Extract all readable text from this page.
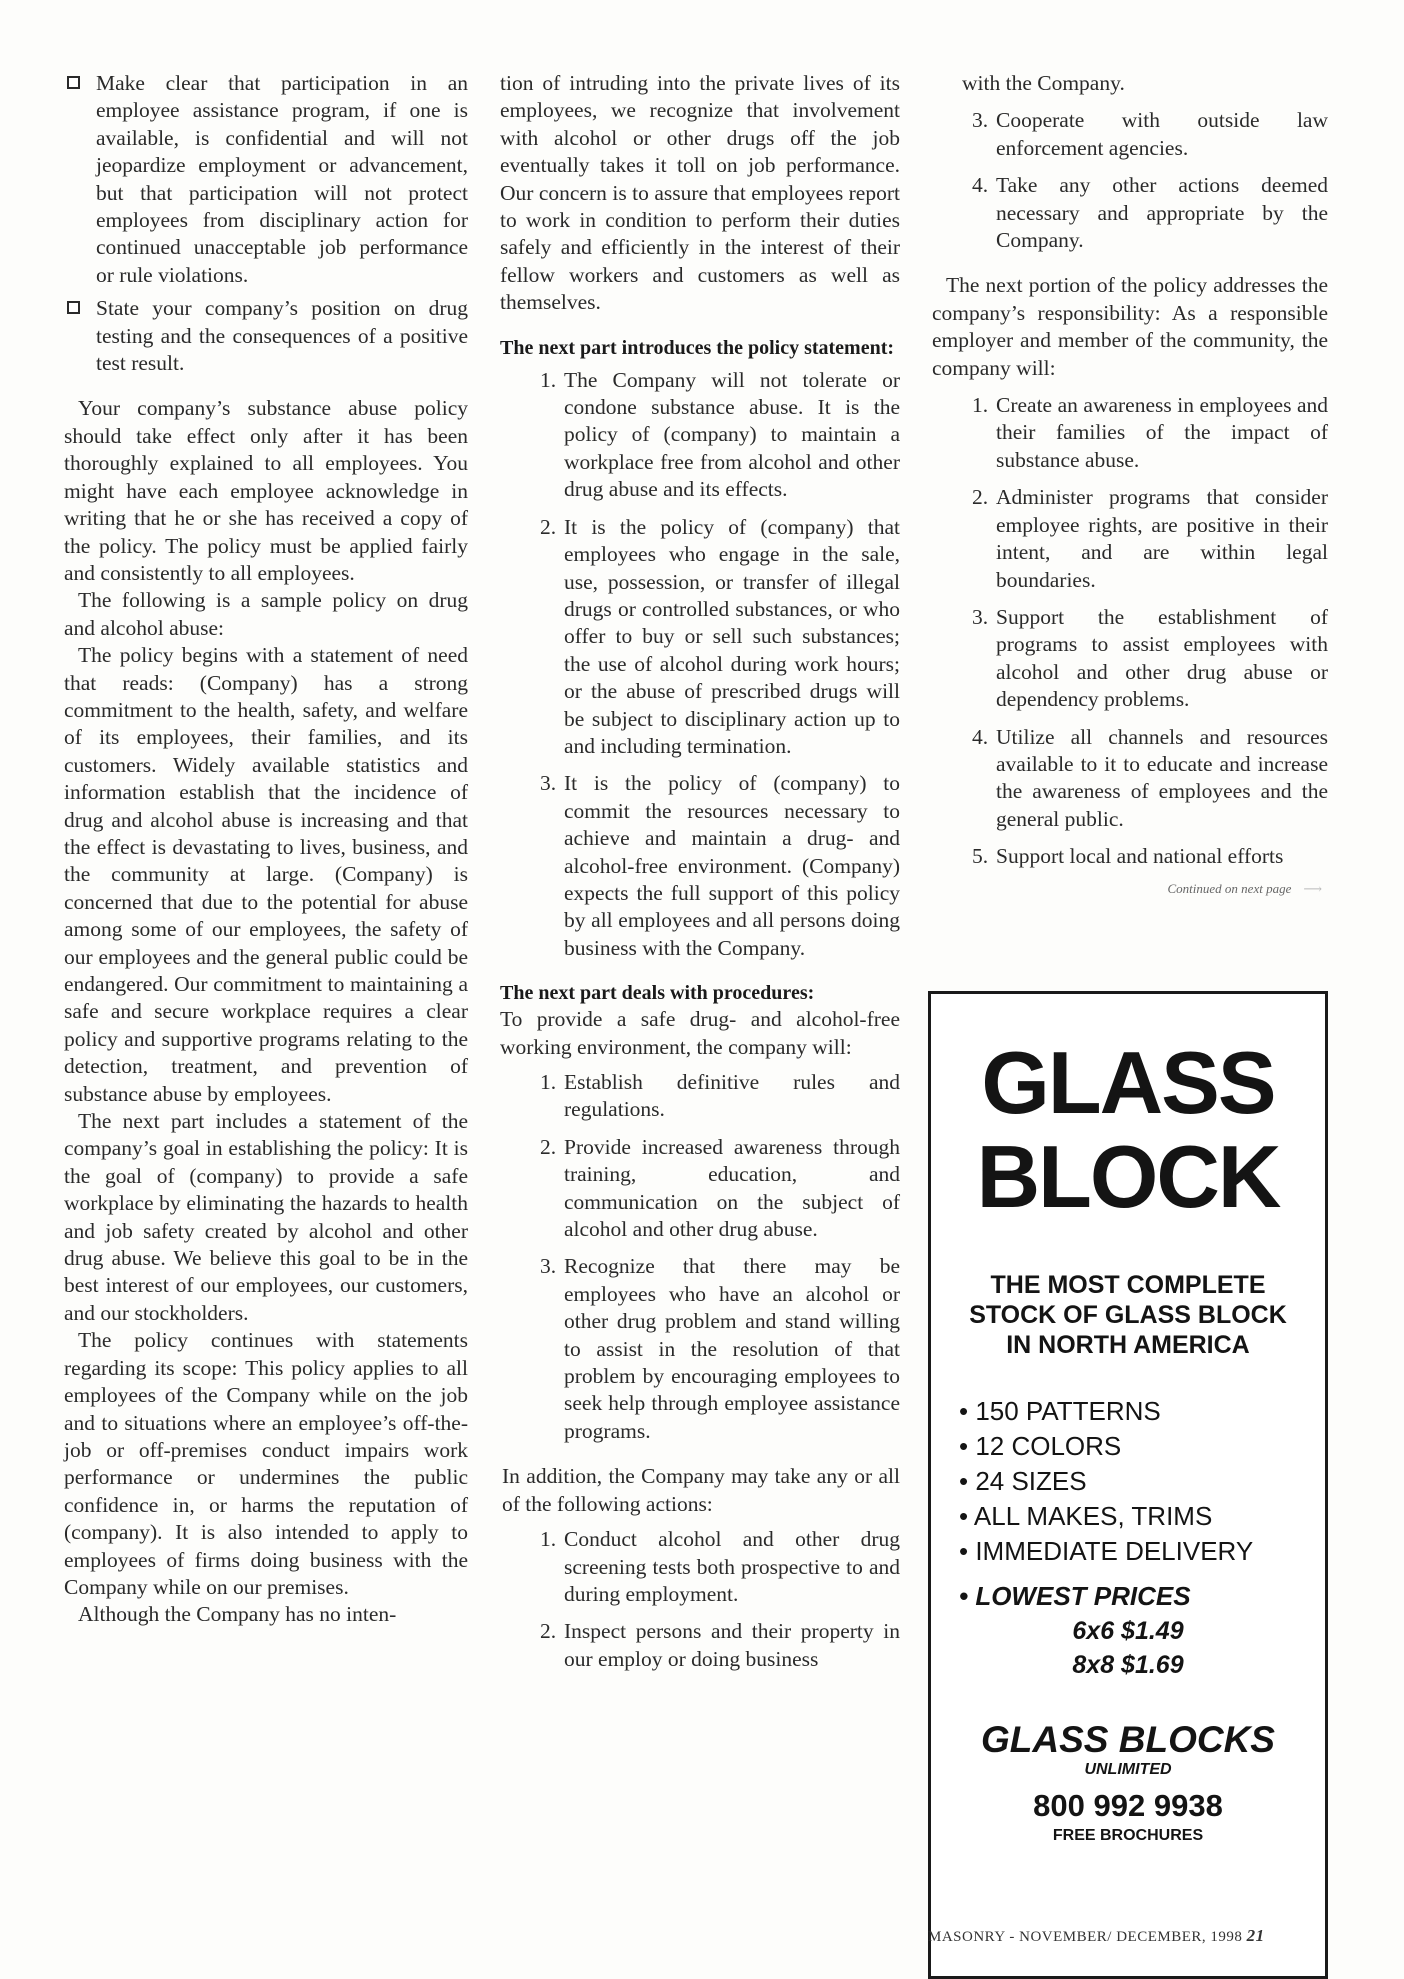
Make clear that participation in an employee assistance program, if one is available, is confidential and will not jeopardize employment or advancement, but that participation will not protect employees from disciplinary action for continued unacceptable job performance or rule violations.
State your company’s position on drug testing and the consequences of a positive test result.

Your company’s substance abuse policy should take effect only after it has been thoroughly explained to all employees. You might have each employee acknowledge in writing that he or she has received a copy of the policy. The policy must be applied fairly and consistently to all employees.

The following is a sample policy on drug and alcohol abuse:

The policy begins with a statement of need that reads: (Company) has a strong commitment to the health, safety, and welfare of its employees, their families, and its customers. Widely available statistics and information establish that the incidence of drug and alcohol abuse is increasing and that the effect is devastating to lives, business, and the community at large. (Company) is concerned that due to the potential for abuse among some of our employees, the safety of our employees and the general public could be endangered. Our commitment to maintaining a safe and secure workplace requires a clear policy and supportive programs relating to the detection, treatment, and prevention of substance abuse by employees.

The next part includes a statement of the company’s goal in establishing the policy: It is the goal of (company) to provide a safe workplace by eliminating the hazards to health and job safety created by alcohol and other drug abuse. We believe this goal to be in the best interest of our employees, our customers, and our stockholders.

The policy continues with statements regarding its scope: This policy applies to all employees of the Company while on the job and to situations where an employee’s off-the-job or off-premises conduct impairs work performance or undermines the public confidence in, or harms the reputation of (company). It is also intended to apply to employees of firms doing business with the Company while on our premises.

Although the Company has no inten-

tion of intruding into the private lives of its employees, we recognize that involvement with alcohol or other drugs off the job eventually takes it toll on job performance. Our concern is to assure that employees report to work in condition to perform their duties safely and efficiently in the interest of their fellow workers and customers as well as themselves.

The next part introduces the policy statement:
1. The Company will not tolerate or condone substance abuse. It is the policy of (company) to maintain a workplace free from alcohol and other drug abuse and its effects.
2. It is the policy of (company) that employees who engage in the sale, use, possession, or transfer of illegal drugs or controlled substances, or who offer to buy or sell such substances; the use of alcohol during work hours; or the abuse of prescribed drugs will be subject to disciplinary action up to and including termination.
3. It is the policy of (company) to commit the resources necessary to achieve and maintain a drug- and alcohol-free environment. (Company) expects the full support of this policy by all employees and all persons doing business with the Company.
The next part deals with procedures:

To provide a safe drug- and alcohol-free working environment, the company will:

1. Establish definitive rules and regulations.
2. Provide increased awareness through training, education, and communication on the subject of alcohol and other drug abuse.
3. Recognize that there may be employees who have an alcohol or other drug problem and stand willing to assist in the resolution of that problem by encouraging employees to seek help through employee assistance programs.

In addition, the Company may take any or all of the following actions:

1. Conduct alcohol and other drug screening tests both prospective to and during employment.
2. Inspect persons and their property in our employ or doing business

with the Company.

3. Cooperate with outside law enforcement agencies.
4. Take any other actions deemed necessary and appropriate by the Company.

The next portion of the policy addresses the company’s responsibility: As a responsible employer and member of the community, the company will:

1. Create an awareness in employees and their families of the impact of substance abuse.
2. Administer programs that consider employee rights, are positive in their intent, and are within legal boundaries.
3. Support the establishment of programs to assist employees with alcohol and other drug abuse or dependency problems.
4. Utilize all channels and resources available to it to educate and increase the awareness of employees and the general public.
5. Support local and national efforts
Continued on next page ⟶
GLASS
BLOCK
THE MOST COMPLETE STOCK OF GLASS BLOCK IN NORTH AMERICA
• 150 PATTERNS
• 12 COLORS
• 24 SIZES
• ALL MAKES, TRIMS
• IMMEDIATE DELIVERY
• LOWEST PRICES
6x6 $1.49
8x8 $1.69
GLASS BLOCKS
UNLIMITED
800 992 9938
FREE BROCHURES
MASONRY - NOVEMBER/ DECEMBER, 1998 21
